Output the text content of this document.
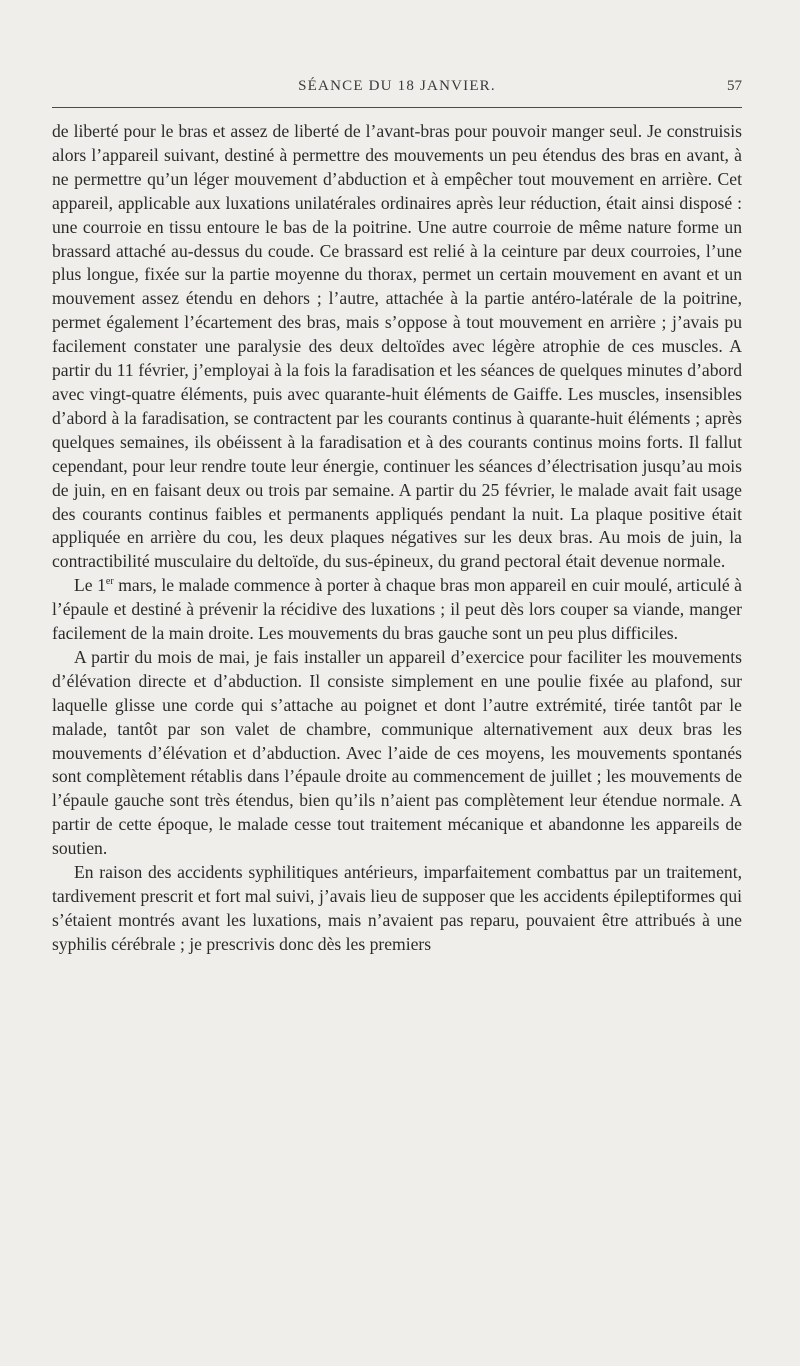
SÉANCE DU 18 JANVIER.	57

de liberté pour le bras et assez de liberté de l’avant-bras pour pouvoir manger seul. Je construisis alors l’appareil suivant, destiné à permettre des mouvements un peu étendus des bras en avant, à ne permettre qu’un léger mouvement d’abduction et à empêcher tout mouvement en arrière. Cet appareil, applicable aux luxations unilatérales ordinaires après leur réduction, était ainsi disposé : une courroie en tissu entoure le bas de la poitrine. Une autre courroie de même nature forme un brassard attaché au-dessus du coude. Ce brassard est relié à la ceinture par deux courroies, l’une plus longue, fixée sur la partie moyenne du thorax, permet un certain mouvement en avant et un mouvement assez étendu en dehors ; l’autre, attachée à la partie antéro-latérale de la poitrine, permet également l’écartement des bras, mais s’oppose à tout mouvement en arrière ; j’avais pu facilement constater une paralysie des deux deltoïdes avec légère atrophie de ces muscles. A partir du 11 février, j’employai à la fois la faradisation et les séances de quelques minutes d’abord avec vingt-quatre éléments, puis avec quarante-huit éléments de Gaiffe. Les muscles, insensibles d’abord à la faradisation, se contractent par les courants continus à quarante-huit éléments ; après quelques semaines, ils obéissent à la faradisation et à des courants continus moins forts. Il fallut cependant, pour leur rendre toute leur énergie, continuer les séances d’électrisation jusqu’au mois de juin, en en faisant deux ou trois par semaine. A partir du 25 février, le malade avait fait usage des courants continus faibles et permanents appliqués pendant la nuit. La plaque positive était appliquée en arrière du cou, les deux plaques négatives sur les deux bras. Au mois de juin, la contractibilité musculaire du deltoïde, du sus-épineux, du grand pectoral était devenue normale.

Le 1er mars, le malade commence à porter à chaque bras mon appareil en cuir moulé, articulé à l’épaule et destiné à prévenir la récidive des luxations ; il peut dès lors couper sa viande, manger facilement de la main droite. Les mouvements du bras gauche sont un peu plus difficiles.

A partir du mois de mai, je fais installer un appareil d’exercice pour faciliter les mouvements d’élévation directe et d’abduction. Il consiste simplement en une poulie fixée au plafond, sur laquelle glisse une corde qui s’attache au poignet et dont l’autre extrémité, tirée tantôt par le malade, tantôt par son valet de chambre, communique alternativement aux deux bras les mouvements d’élévation et d’abduction. Avec l’aide de ces moyens, les mouvements spontanés sont complètement rétablis dans l’épaule droite au commencement de juillet ; les mouvements de l’épaule gauche sont très étendus, bien qu’ils n’aient pas complètement leur étendue normale. A partir de cette époque, le malade cesse tout traitement mécanique et abandonne les appareils de soutien.

En raison des accidents syphilitiques antérieurs, imparfaitement combattus par un traitement, tardivement prescrit et fort mal suivi, j’avais lieu de supposer que les accidents épileptiformes qui s’étaient montrés avant les luxations, mais n’avaient pas reparu, pouvaient être attribués à une syphilis cérébrale ; je prescrivis donc dès les premiers
